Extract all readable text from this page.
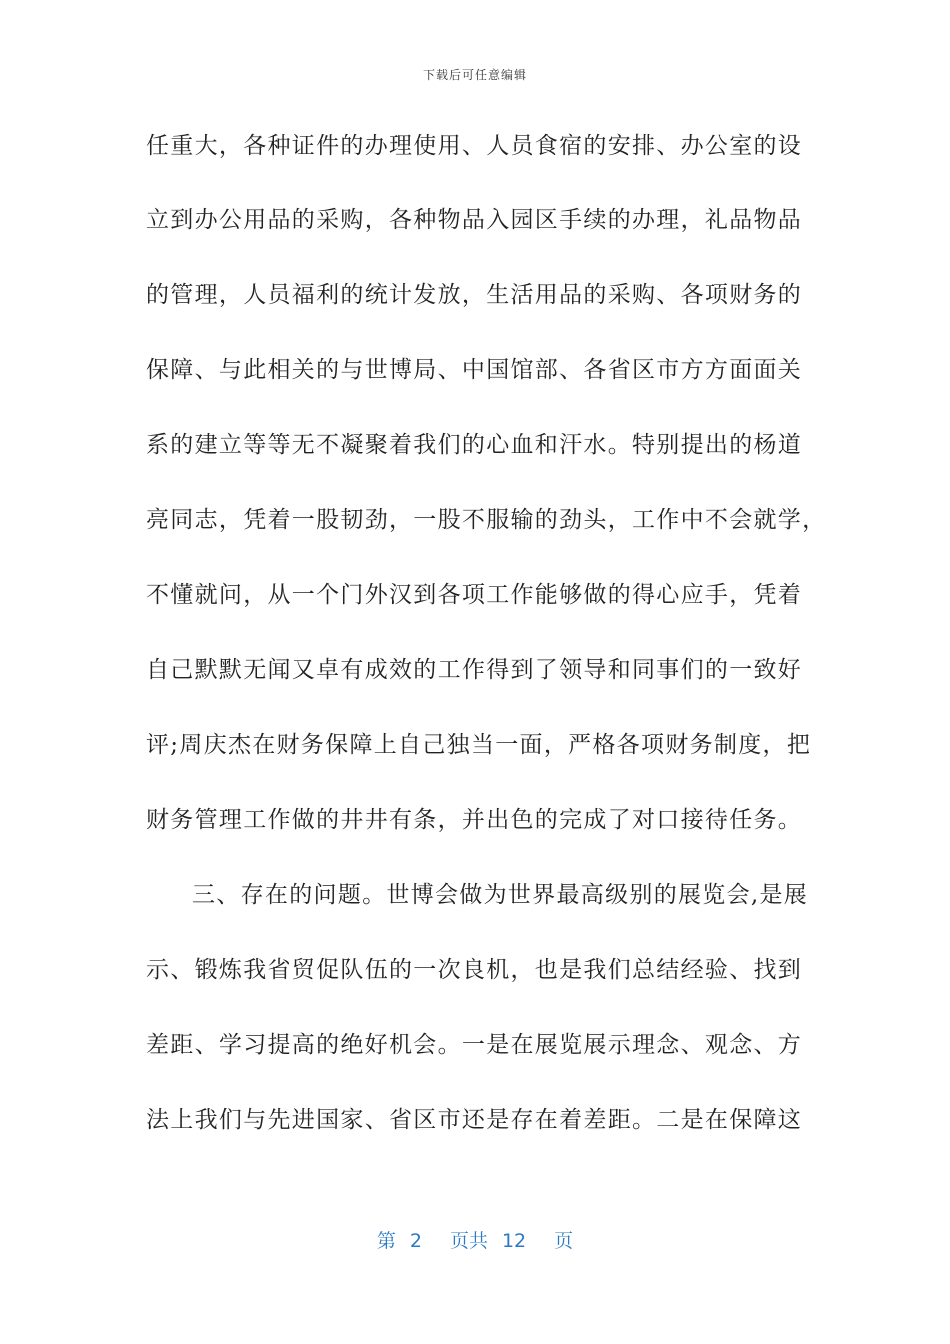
下载后可任意编辑
任重大，各种证件的办理使用、人员食宿的安排、办公室的设
立到办公用品的采购，各种物品入园区手续的办理，礼品物品
的管理，人员福利的统计发放，生活用品的采购、各项财务的
保障、与此相关的与世博局、中国馆部、各省区市方方面面关
系的建立等等无不凝聚着我们的心血和汗水。特别提出的杨道
亮同志，凭着一股韧劲，一股不服输的劲头，工作中不会就学，
不懂就问，从一个门外汉到各项工作能够做的得心应手，凭着
自己默默无闻又卓有成效的工作得到了领导和同事们的一致好
评;周庆杰在财务保障上自己独当一面，严格各项财务制度，把
财务管理工作做的井井有条，并出色的完成了对口接待任务。
三、存在的问题。世博会做为世界最高级别的展览会,是展
示、锻炼我省贸促队伍的一次良机，也是我们总结经验、找到
差距、学习提高的绝好机会。一是在展览展示理念、观念、方
法上我们与先进国家、省区市还是存在着差距。二是在保障这
第 2 页共 12 页
